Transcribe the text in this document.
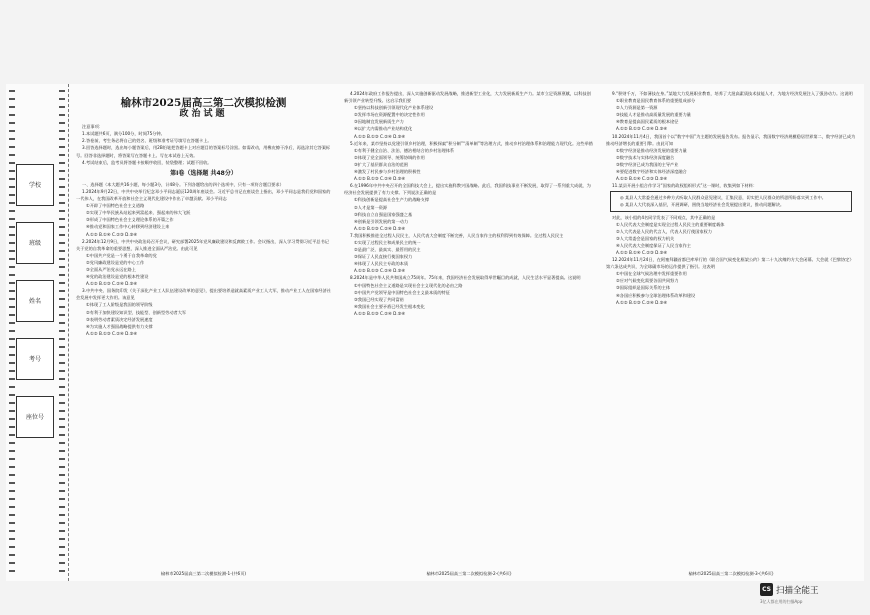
学校
班级
姓名
考号
座位号
榆林市2025届高三第二次模拟检测
政治试题

注意事项：

1.本试题共6页，满分100分，时间75分钟。

2.答卷前，考生务必将自己的姓名、班级和准考证号填写在答题卡上。

3.回答选择题时，选出每小题答案后，用2B铅笔把答题卡上对应题目的答案标号涂黑。如需改动，用橡皮擦干净后，再选涂其它答案标号。回答非选择题时，将答案写在答题卡上。写在本试卷上无效。

4.考试结束后，监考员将答题卡按顺序收回，装袋整理；试题不回收。

第Ⅰ卷（选择题 共48分）

一、选择题（本大题共16小题，每小题3分，计48分。下列各题给出的四个选项中，只有一项符合题目要求）

1.2024年9月22日，中共中央举行纪念邓小平同志诞辰120周年座谈会。习近平总书记在座谈会上指出，邓小平同志是我们党和国家的一代伟人，在我国改革开放和社会主义现代化建设中作出了卓越贡献。邓小平同志

①开辟了中国特色社会主义道路

②实现了中华民族从站起来到富起来、强起来的伟大飞跃

③形成了中国特色社会主义理论体系的开篇之作

④推动党和国家工作中心转移到经济建设上来

A.①② B.①④ C.②③ D.③④

2.2024年12月9日，中共中央政治局召开会议，研究部署2025年党风廉政建设和反腐败工作。会议指出，深入学习贯彻习近平总书记关于党的自我革命的重要思想，深入推进全面从严治党。由此可见

①中国共产党是一个勇于自我革命的党

②党风廉政建设是党的中心工作

③全面从严治党永远在路上

④党的政治建设是党的根本性建设

A.①② B.①③ C.②④ D.③④

3.中共中央、国务院印发《关于深化产业工人队伍建设改革的意见》，提出要培养造就高素质产业工人大军，推动产业工人在国家经济社会发展中发挥更大作用。该意见

①体现了工人阶级是我国的领导阶级

②有利于加快建设知识型、技能型、创新型劳动者大军

③表明劳动者素质决定经济发展速度

④为实施人才强国战略提供有力支撑

A.①② B.①③ C.②④ D.③④

榆林市2025届高三第二次模拟检测-1-(共6页)

4.2024年政府工作报告提出，深入实施创新驱动发展战略，推进新型工业化，大力发展新质生产力。某市立足资源禀赋，以科技创新引领产业转型升级。这启示我们要

①坚持以科技创新引领现代化产业体系建设

②发挥市场在资源配置中的决定性作用

③因地制宜发展新质生产力

④以扩大内需推动产业结构优化

A.①② B.①③ C.②④ D.③④

5.近年来，某市坚持以党建引领乡村治理，积极探索“积分制”“清单制”等治理方式，推动乡村治理体系和治理能力现代化。这些举措

①有利于健全自治、法治、德治相结合的乡村治理体系

②体现了党全面领导、统筹协调的作用

③扩大了基层群众自治的范围

④激发了村民参与乡村治理的积极性

A.①② B.①③ C.②④ D.③④

6.在1996年中共中央召开的全国科技大会上，提出实施科教兴国战略。此后，我国科技事业不断发展，取得了一系列重大成就，为经济社会发展提供了有力支撑。下列说法正确的是

①科技创新是提高社会生产力的战略支撑

②人才是第一资源

③科技自立自强是国家强盛之基

④创新是引领发展的第一动力

A.①② B.①③ C.②④ D.③④

7.我国积极推进全过程人民民主，人民代表大会制度不断完善，人民当家作主的权利得到有效保障。全过程人民民主

①实现了过程民主和成果民主的统一

②是最广泛、最真实、最管用的民主

③保证了人民直接行使国家权力

④体现了人民民主专政的本质

A.①② B.①③ C.②④ D.③④

8.2024年是中华人民共和国成立75周年。75年来，我国经济社会发展取得举世瞩目的成就，人民生活水平显著提高。这说明

①中国特色社会主义道路是实现社会主义现代化的必由之路

②中国共产党领导是中国特色社会主义最本质的特征

③我国已经实现了共同富裕

④我国社会主要矛盾已经发生根本变化

A.①② B.①③ C.②④ D.③④

榆林市2025届高三第二次模拟检测-2-(共6页)

9.“积财千万，不如薄技在身。”某地大力发展职业教育，培养了大批高素质技术技能人才，为地方经济发展注入了强劲动力。这说明

①职业教育是国民教育体系的重要组成部分

②人力资源是第一资源

③技能人才是推动高质量发展的重要力量

④教育是提高国民素质的根本途径

A.①② B.①③ C.②④ D.③④

10.2024年11月4日，我国首个以“数字中国”为主题的发展报告发布。报告显示，我国数字经济规模稳居世界第二，数字经济已成为推动经济增长的重要引擎。由此可知

①数字经济是推动经济发展的重要力量

②数字技术与实体经济深度融合

③数字经济已成为我国的主导产业

④要促进数字经济和实体经济深度融合

A.①② B.①④ C.②③ D.③④

11.某县开展小组合作学习“国家的政权组织形式”这一课时，收集到如下材料：

◎ 某县人大常委会通过多种方式听取人民群众意见建议，汇集民意，切实把人民群众的所思所盼落实到工作中。

◎ 某县人大代表深入基层，开展调研，围绕当地经济社会发展提出建议，推动问题解决。

对此，该小组的4名同学发表了不同观点，其中正确的是

①人民代表大会制度是实现全过程人民民主的重要制度载体

②人大代表是人民的代言人，代表人民行使国家权力

③人大常委会是国家的权力机关

④人民代表大会制度保证了人民当家作主

A.①② B.①④ C.②③ D.③④

12.2024年11月24日，在阿塞拜疆首都巴库举行的《联合国气候变化框架公约》第二十九次缔约方大会闭幕。大会就《巴黎协定》第六条达成共识，为全球碳市场的运作提供了指引。这表明

①中国在全球气候治理中发挥重要作用

②应对气候变化需要各国共同努力

③国际组织是国际关系的主体

④各国应积极参与全球治理体系改革和建设

A.①② B.①③ C.②④ D.③④

榆林市2025届高三第二次模拟检测-3-(共6页)
CS 扫描全能王
3亿人都在用的扫描App
